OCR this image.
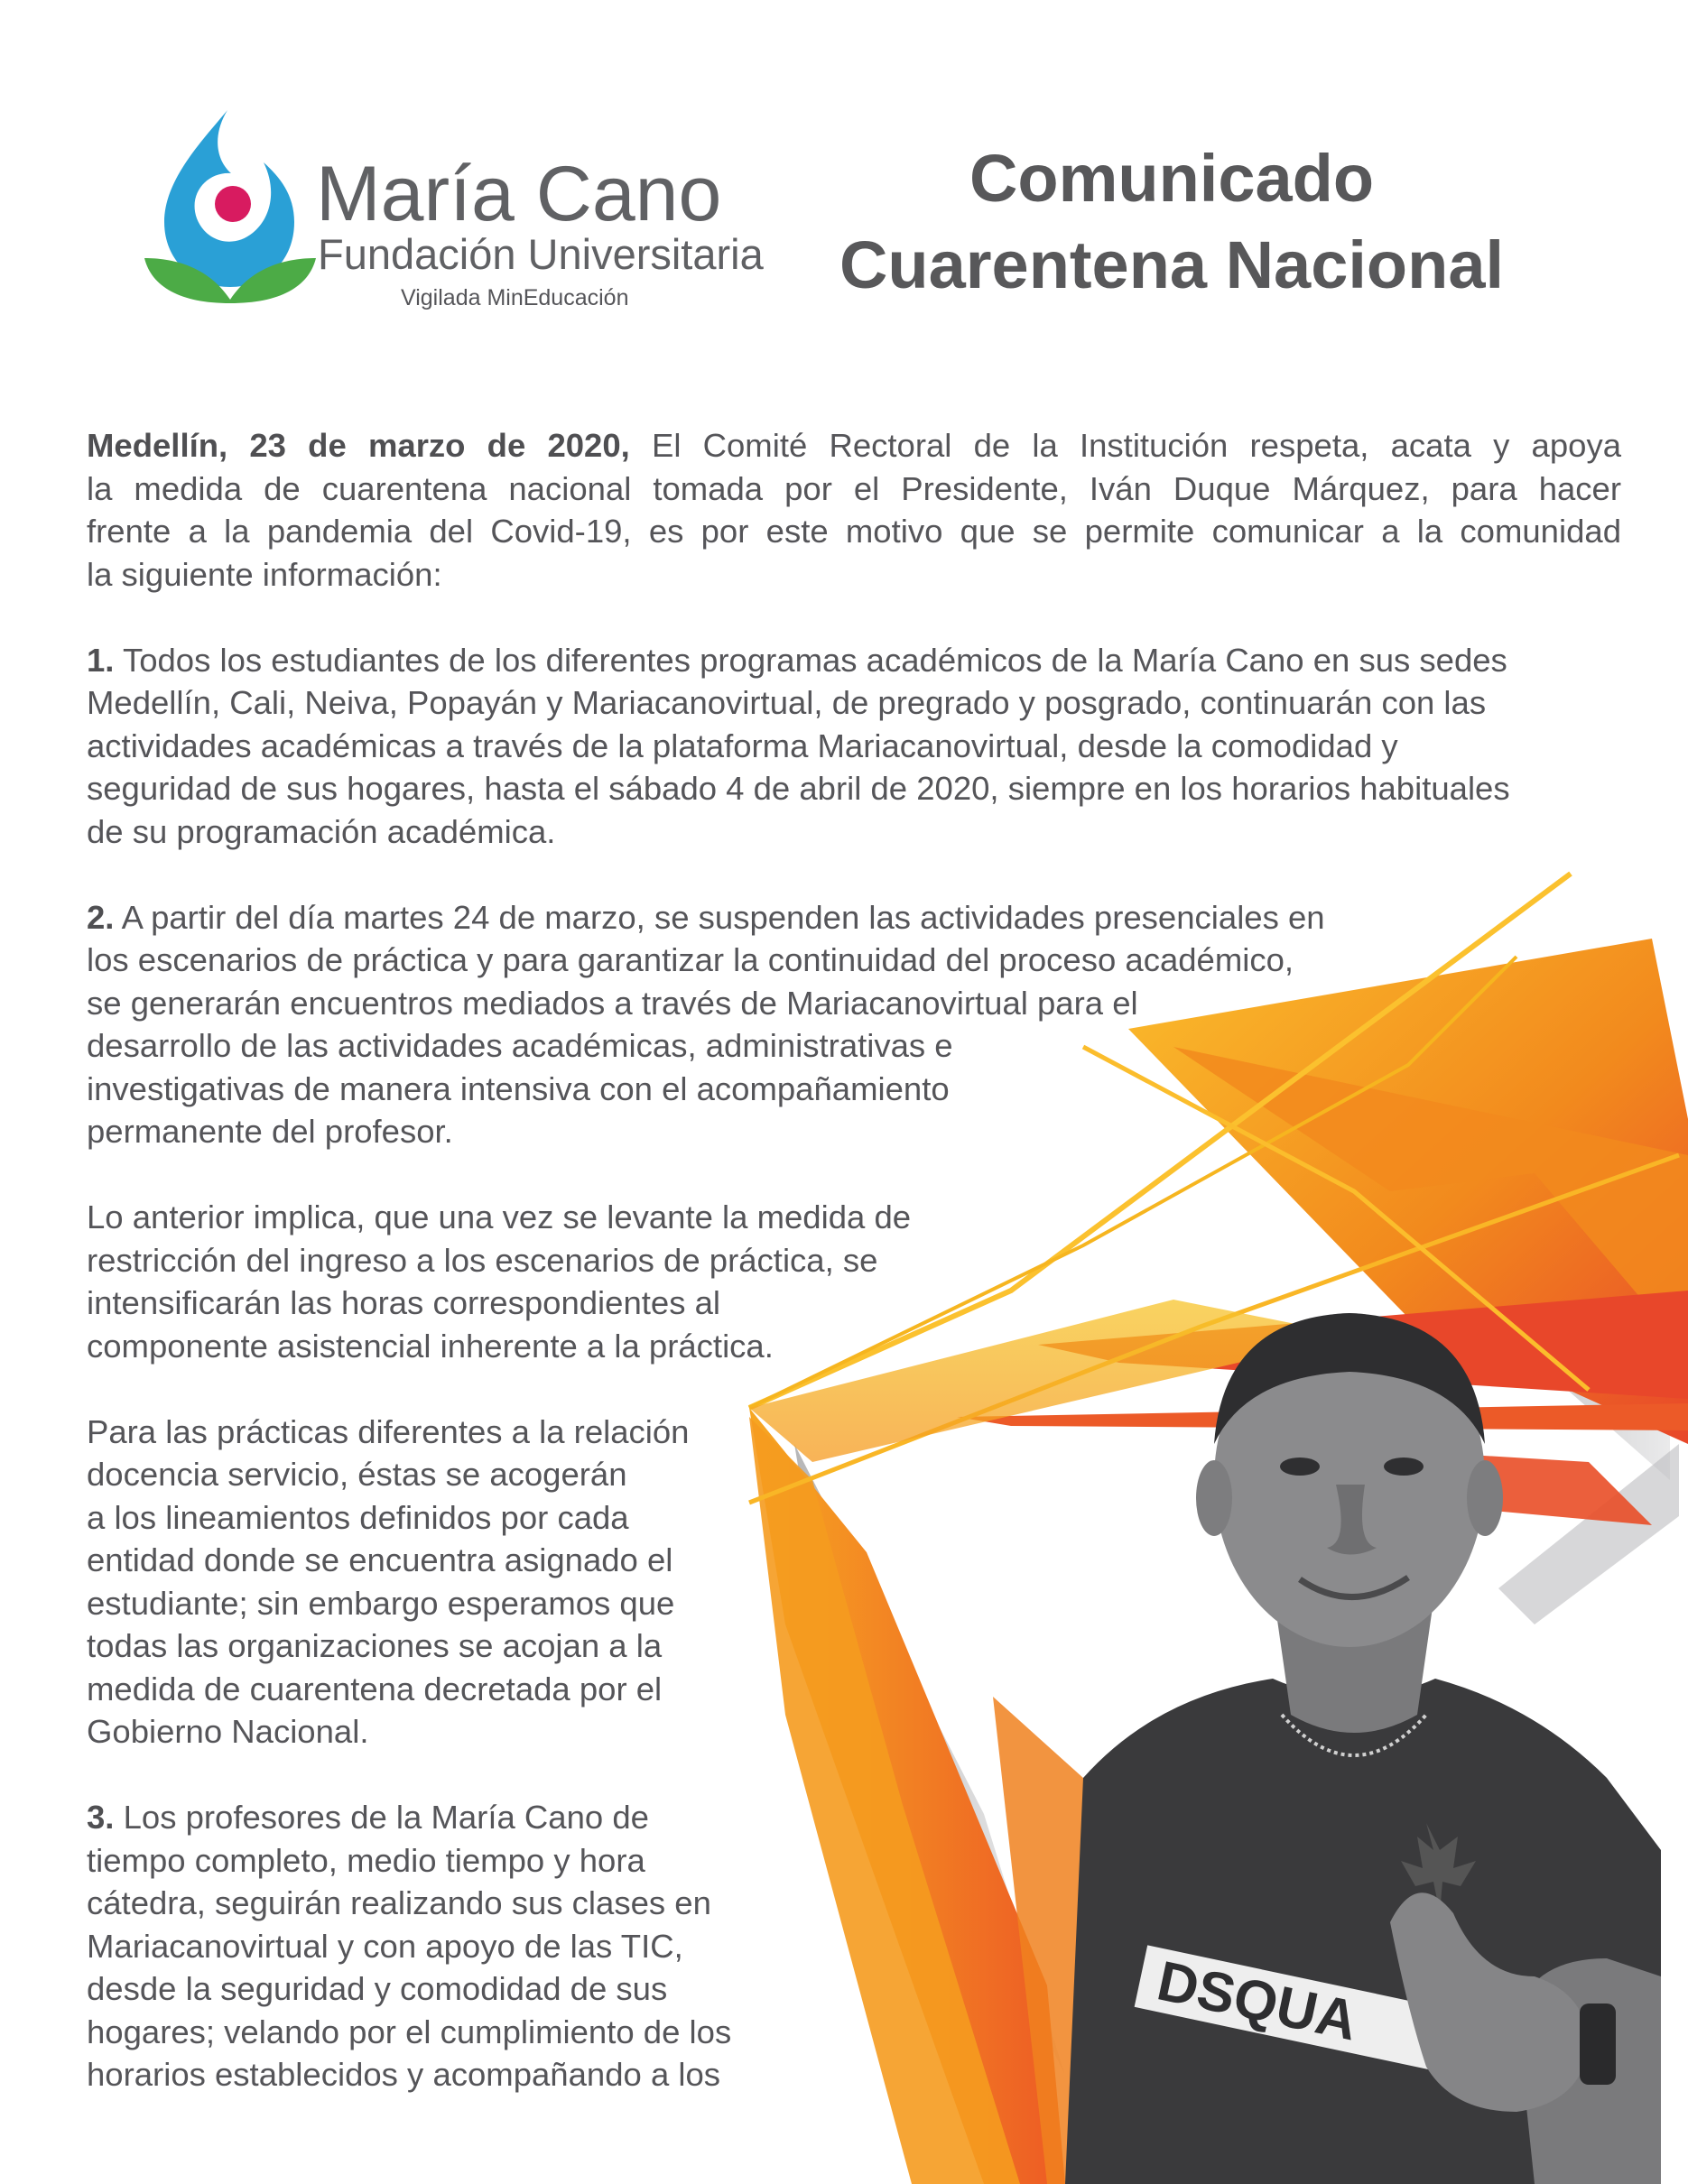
DSQUA
María Cano
Fundación Universitaria
Vigilada MinEducación
Comunicado
Cuarentena Nacional
Medellín, 23 de marzo de 2020, El Comité Rectoral de la Institución respeta, acata y apoya
la medida de cuarentena nacional tomada por el Presidente, Iván Duque Márquez, para hacer
frente a la pandemia del Covid-19, es por este motivo que se permite comunicar a la comunidad
la siguiente información:
1. Todos los estudiantes de los diferentes programas académicos de la María Cano en sus sedes
Medellín, Cali, Neiva, Popayán y Mariacanovirtual, de pregrado y posgrado, continuarán con las
actividades académicas a través de la plataforma Mariacanovirtual, desde la comodidad y
seguridad de sus hogares, hasta el sábado 4 de abril de 2020, siempre en los horarios habituales
de su programación académica.
2. A partir del día martes 24 de marzo, se suspenden las actividades presenciales en
los escenarios de práctica y para garantizar la continuidad del proceso académico,
se generarán encuentros mediados a través de Mariacanovirtual para el
desarrollo de las actividades académicas, administrativas e
investigativas de manera intensiva con el acompañamiento
permanente del profesor.
Lo anterior implica, que una vez se levante la medida de
restricción del ingreso a los escenarios de práctica, se
intensificarán las horas correspondientes al
componente asistencial inherente a la práctica.
Para las prácticas diferentes a la relación
docencia servicio, éstas se acogerán
a los lineamientos definidos por cada
entidad donde se encuentra asignado el
estudiante; sin embargo esperamos que
todas las organizaciones se acojan a la
medida de cuarentena decretada por el
Gobierno Nacional.
3. Los profesores de la María Cano de
tiempo completo, medio tiempo y hora
cátedra, seguirán realizando sus clases en
Mariacanovirtual y con apoyo de las TIC,
desde la seguridad y comodidad de sus
hogares; velando por el cumplimiento de los
horarios establecidos y acompañando a los
